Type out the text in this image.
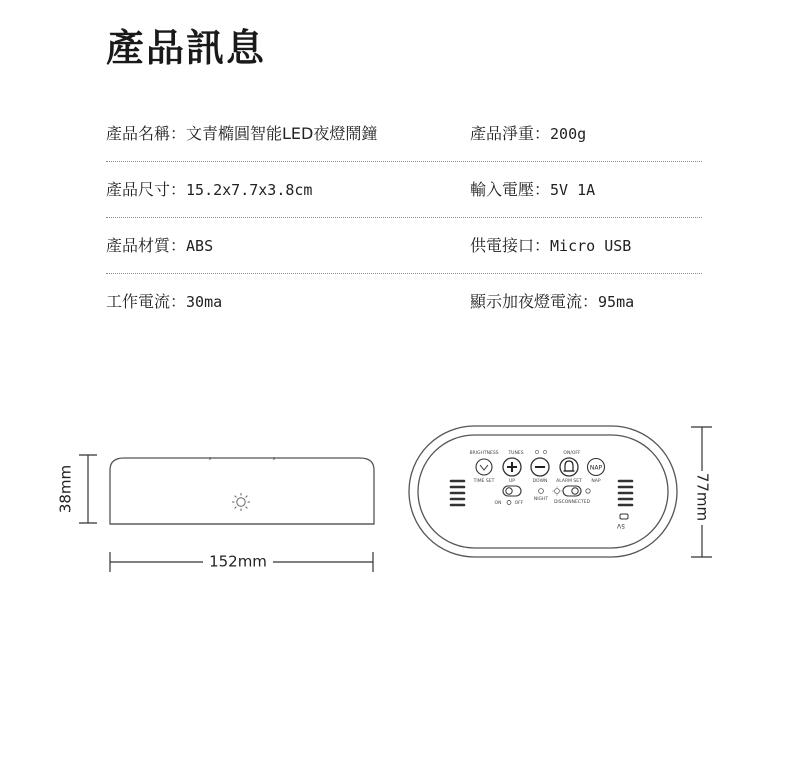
產品訊息
產品名稱：文青橢圓智能LED夜燈鬧鐘	產品淨重：200g
產品尺寸：15.2x7.7x3.8cm	輸入電壓：5V 1A
產品材質：ABS	供電接口：Micro USB
工作電流：30ma	顯示加夜燈電流：95ma
38mm
152mm
BRIGHTNESS TUNES	ON/OFF
NAP
TIME SET	UP	DOWN ALARM SET NAP
ON	OFF
NIGHT
DISCONNECTED
5V
77mm
